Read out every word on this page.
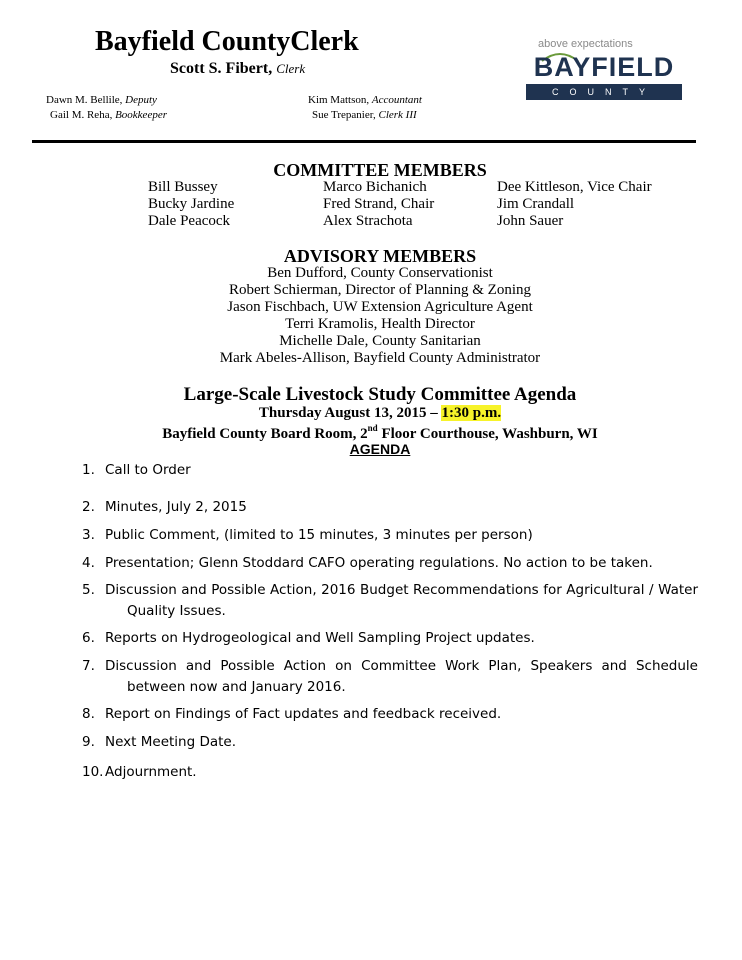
Bayfield CountyClerk
Scott S. Fibert, Clerk
Dawn M. Bellile, Deputy	Kim Mattson, Accountant
Gail M. Reha, Bookkeeper	Sue Trepanier, Clerk III
above expectations
BAYFIELD
COUNTY
COMMITTEE MEMBERS
Bill Bussey	Marco Bichanich	Dee Kittleson, Vice Chair
Bucky Jardine	Fred Strand, Chair	Jim Crandall
Dale Peacock	Alex Strachota	John Sauer
ADVISORY MEMBERS
Ben Dufford, County Conservationist
Robert Schierman, Director of Planning & Zoning
Jason Fischbach, UW Extension Agriculture Agent
Terri Kramolis, Health Director
Michelle Dale, County Sanitarian
Mark Abeles-Allison, Bayfield County Administrator
Large-Scale Livestock Study Committee Agenda
Thursday August 13, 2015 – 1:30 p.m.
Bayfield County Board Room, 2nd Floor Courthouse, Washburn, WI
AGENDA
1. Call to Order
2. Minutes, July 2, 2015
3. Public Comment, (limited to 15 minutes, 3 minutes per person)
4. Presentation; Glenn Stoddard CAFO operating regulations. No action to be taken.
5. Discussion and Possible Action, 2016 Budget Recommendations for Agricultural / Water Quality Issues.
6. Reports on Hydrogeological and Well Sampling Project updates.
7. Discussion and Possible Action on Committee Work Plan, Speakers and Schedule between now and January 2016.
8. Report on Findings of Fact updates and feedback received.
9. Next Meeting Date.
10. Adjournment.
